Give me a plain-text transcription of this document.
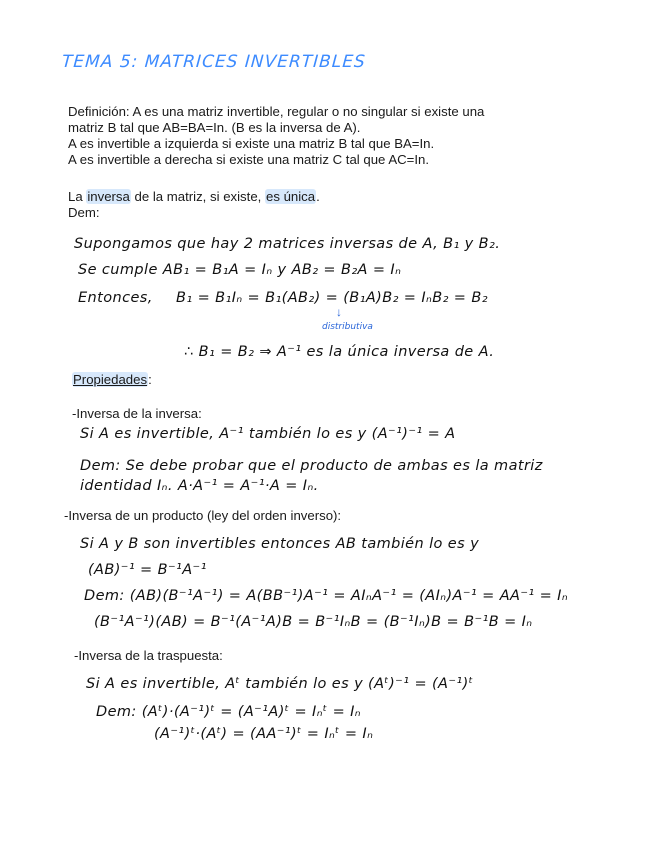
TEMA 5: MATRICES INVERTIBLES
Definición: A es una matriz invertible, regular o no singular si existe una
matriz B tal que AB=BA=In. (B es la inversa de A).
A es invertible a izquierda si existe una matriz B tal que BA=In.
A es invertible a derecha si existe una matriz C tal que AC=In.
La inversa de la matriz, si existe, es única.
Dem:
Supongamos que hay 2 matrices inversas de A, B₁ y B₂.
Se cumple AB₁ = B₁A = Iₙ y AB₂ = B₂A = Iₙ
Entonces, B₁ = B₁Iₙ = B₁(AB₂) = (B₁A)B₂ = IₙB₂ = B₂
↓
distributiva
∴ B₁ = B₂ ⇒ A⁻¹ es la única inversa de A.
Propiedades:
-Inversa de la inversa:
Si A es invertible, A⁻¹ también lo es y (A⁻¹)⁻¹ = A
Dem: Se debe probar que el producto de ambas es la matriz
identidad Iₙ. A·A⁻¹ = A⁻¹·A = Iₙ.
-Inversa de un producto (ley del orden inverso):
Si A y B son invertibles entonces AB también lo es y
(AB)⁻¹ = B⁻¹A⁻¹
Dem: (AB)(B⁻¹A⁻¹) = A(BB⁻¹)A⁻¹ = AIₙA⁻¹ = (AIₙ)A⁻¹ = AA⁻¹ = Iₙ
(B⁻¹A⁻¹)(AB) = B⁻¹(A⁻¹A)B = B⁻¹IₙB = (B⁻¹Iₙ)B = B⁻¹B = Iₙ
-Inversa de la traspuesta:
Si A es invertible, Aᵗ también lo es y (Aᵗ)⁻¹ = (A⁻¹)ᵗ
Dem: (Aᵗ)·(A⁻¹)ᵗ = (A⁻¹A)ᵗ = Iₙᵗ = Iₙ
(A⁻¹)ᵗ·(Aᵗ) = (AA⁻¹)ᵗ = Iₙᵗ = Iₙ
